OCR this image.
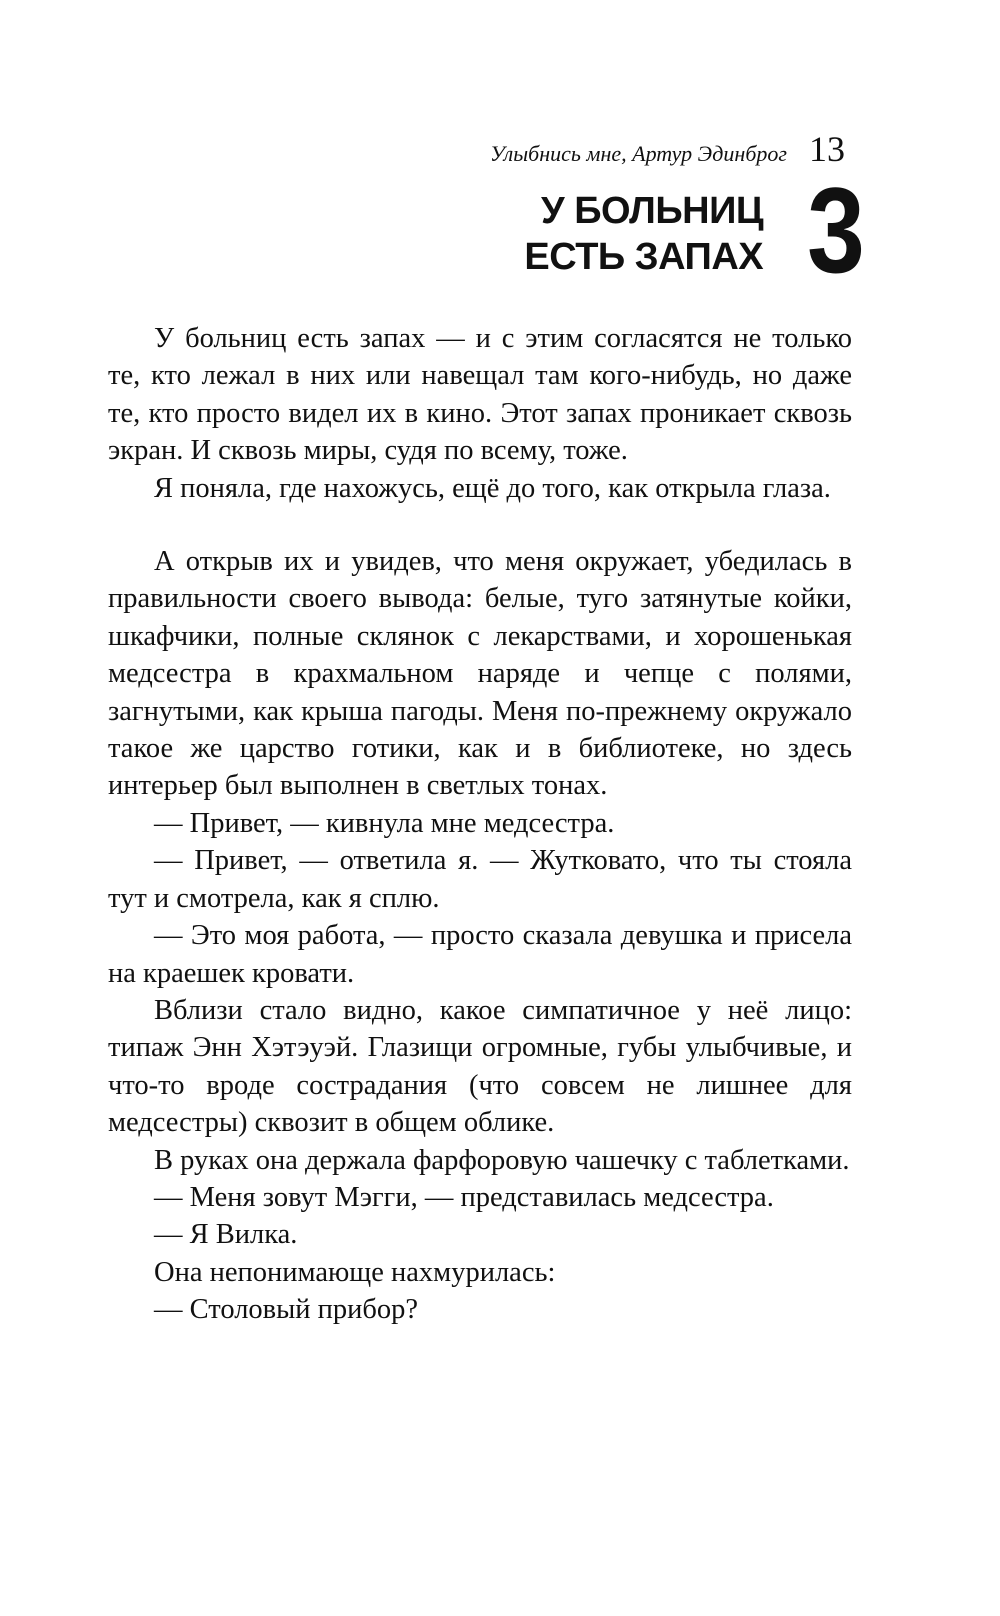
Улыбнись мне, Артур Эдинброг 13
У БОЛЬНИЦ
ЕСТЬ ЗАПАХ 3

У больниц есть запах — и с этим согласятся не только те, кто лежал в них или навещал там кого-нибудь, но даже те, кто просто видел их в кино. Этот запах проникает сквозь экран. И сквозь миры, судя по всему, тоже.

Я поняла, где нахожусь, ещё до того, как открыла глаза.

А открыв их и увидев, что меня окружает, убедилась в правильности своего вывода: белые, туго затянутые койки, шкафчики, полные склянок с лекарствами, и хорошенькая медсестра в крахмальном наряде и чепце с полями, загнутыми, как крыша пагоды. Меня по-прежнему окружало такое же царство готики, как и в библиотеке, но здесь интерьер был выполнен в светлых тонах.

— Привет, — кивнула мне медсестра.

— Привет, — ответила я. — Жутковато, что ты стояла тут и смотрела, как я сплю.

— Это моя работа, — просто сказала девушка и присела на краешек кровати.

Вблизи стало видно, какое симпатичное у неё лицо: типаж Энн Хэтэуэй. Глазищи огромные, губы улыбчивые, и что-то вроде сострадания (что совсем не лишнее для медсестры) сквозит в общем облике.

В руках она держала фарфоровую чашечку с таблетками.

— Меня зовут Мэгги, — представилась медсестра.

— Я Вилка.

Она непонимающе нахмурилась:

— Столовый прибор?
